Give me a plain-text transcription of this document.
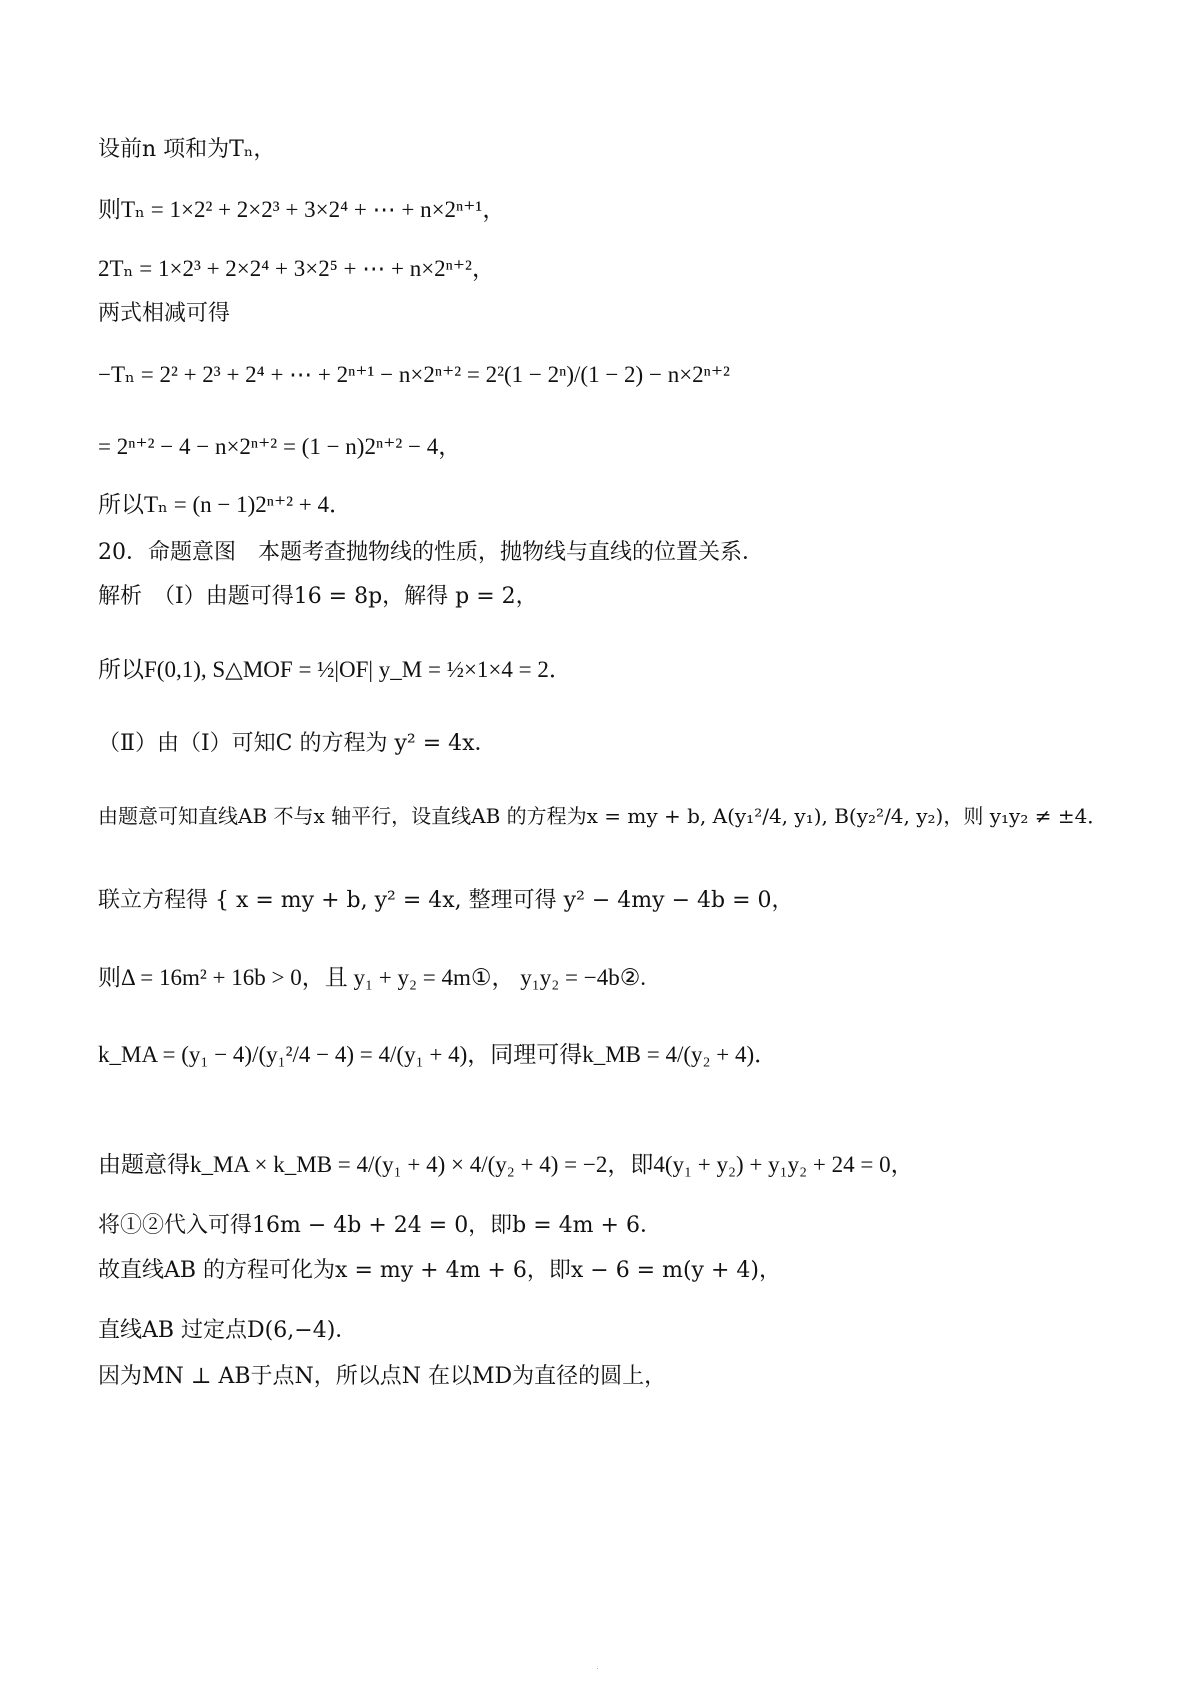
设前n 项和为Tₙ，
则Tₙ = 1×2² + 2×2³ + 3×2⁴ + ⋯ + n×2ⁿ⁺¹，
2Tₙ = 1×2³ + 2×2⁴ + 3×2⁵ + ⋯ + n×2ⁿ⁺²，
两式相减可得
−Tₙ = 2² + 2³ + 2⁴ + ⋯ + 2ⁿ⁺¹ − n×2ⁿ⁺² = 2²(1 − 2ⁿ)/(1 − 2) − n×2ⁿ⁺²
= 2ⁿ⁺² − 4 − n×2ⁿ⁺² = (1 − n)2ⁿ⁺² − 4，
所以Tₙ = (n − 1)2ⁿ⁺² + 4．
20．命题意图　本题考查抛物线的性质，抛物线与直线的位置关系．
解析　（Ⅰ）由题可得16 = 8p，解得 p = 2，
所以F(0,1), S△MOF = ½|OF| y_M = ½×1×4 = 2．
（Ⅱ）由（Ⅰ）可知C 的方程为 y² = 4x．
由题意可知直线AB 不与x 轴平行，设直线AB 的方程为x = my + b, A(y₁²/4, y₁), B(y₂²/4, y₂)，则 y₁y₂ ≠ ±4．
联立方程得 { x = my + b, y² = 4x, 整理可得 y² − 4my − 4b = 0，
则Δ = 16m² + 16b > 0，且 y₁ + y₂ = 4m①， y₁y₂ = −4b②.
k_MA = (y₁ − 4)/(y₁²/4 − 4) = 4/(y₁ + 4)，同理可得k_MB = 4/(y₂ + 4)．
由题意得k_MA × k_MB = 4/(y₁ + 4) × 4/(y₂ + 4) = −2，即4(y₁ + y₂) + y₁y₂ + 24 = 0，
将①②代入可得16m − 4b + 24 = 0，即b = 4m + 6．
故直线AB 的方程可化为x = my + 4m + 6，即x − 6 = m(y + 4)，
直线AB 过定点D(6,−4)．
因为MN ⊥ AB于点N，所以点N 在以MD为直径的圆上，
·
